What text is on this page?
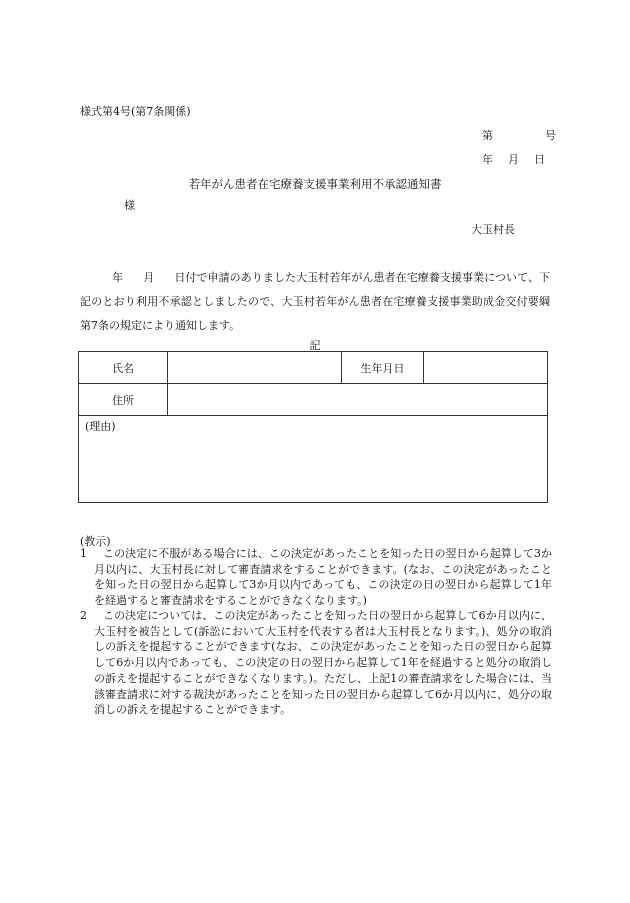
様式第4号(第7条関係)
第	号
年 月 日
若年がん患者在宅療養支援事業利用不承認通知書
様
大玉村長
年 月 日付で申請のありました大玉村若年がん患者在宅療養支援事業について、下記のとおり利用不承認としましたので、大玉村若年がん患者在宅療養支援事業助成金交付要綱第7条の規定により通知します。
記
氏名		生年月日	
住所			
(理由)			
(教示)
1	この決定に不服がある場合には、この決定があったことを知った日の翌日から起算して3か月以内に、大玉村長に対して審査請求をすることができます。(なお、この決定があったことを知った日の翌日から起算して3か月以内であっても、この決定の日の翌日から起算して1年を経過すると審査請求をすることができなくなります。)
2	この決定については、この決定があったことを知った日の翌日から起算して6か月以内に、大玉村を被告として(訴訟において大玉村を代表する者は大玉村長となります。)、処分の取消しの訴えを提起することができます(なお、この決定があったことを知った日の翌日から起算して6か月以内であっても、この決定の日の翌日から起算して1年を経過すると処分の取消しの訴えを提起することができなくなります。)。ただし、上記1の審査請求をした場合には、当該審査請求に対する裁決があったことを知った日の翌日から起算して6か月以内に、処分の取消しの訴えを提起することができます。
